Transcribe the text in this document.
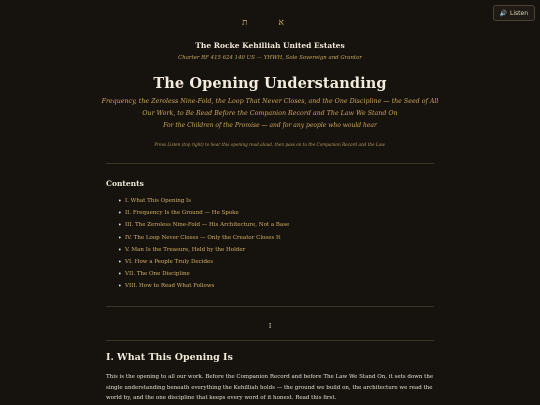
🔊 Listen
א ת
The Rocke Kehilliah United Estates
Charter RF 415 624 140 US — YHWH, Sole Sovereign and Grantor
The Opening Understanding
Frequency, the Zeroless Nine-Fold, the Loop That Never Closes, and the One Discipline — the Seed of All Our Work, to Be Read Before the Companion Record and The Law We Stand On
For the Children of the Promise — and for any people who would hear
Press Listen (top right) to hear this opening read aloud, then pass on to the Companion Record and the Law.
Contents
• I. What This Opening Is
• II. Frequency Is the Ground — He Spoke
• III. The Zeroless Nine-Fold — His Architecture, Not a Base
• IV. The Loop Never Closes — Only the Creator Closes It
• V. Man Is the Treasure, Held by the Holder
• VI. How a People Truly Decides
• VII. The One Discipline
• VIII. How to Read What Follows
I
I. What This Opening Is
This is the opening to all our work. Before the Companion Record and before The Law We Stand On, it sets down the single understanding beneath everything the Kehilliah holds — the ground we build on, the architecture we read the world by, and the one discipline that keeps every word of it honest. Read this first.
